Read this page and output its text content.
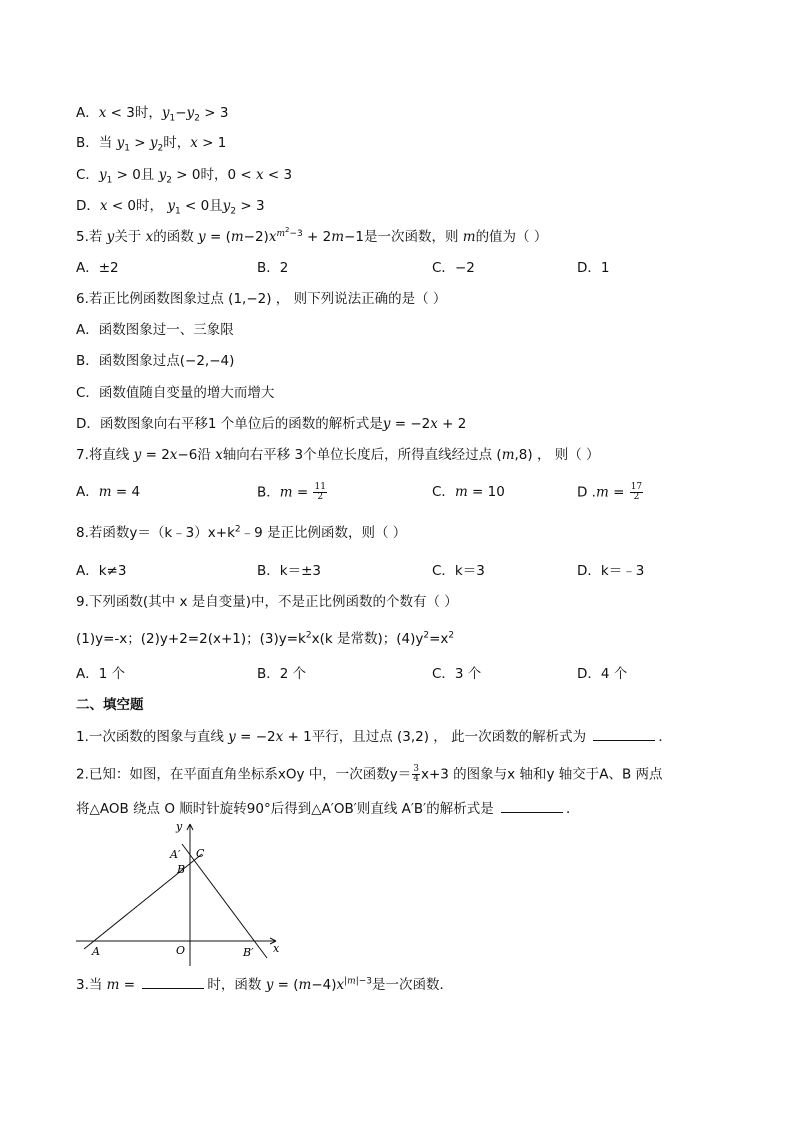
A．x < 3时，$y_1-y_2 > 3$
B．当 $y_1 > y_2$时，x > 1
C．$y_1 > 0$且 $y_2 > 0$时，0 < x < 3
D．x < 0时， $y_1 < 0$且$y_2 > 3$
5.若 y关于 x的函数 $y = (m-2)x^{m^2-3} + 2m-1$是一次函数，则 m的值为（ ）
A．±2	B．2	C．−2	D．1
6.若正比例函数图象过点 (1,−2) ， 则下列说法正确的是（ ）
A．函数图象过一、三象限
B．函数图象过点(−2,−4)
C．函数值随自变量的增大而增大
D．函数图象向右平移1 个单位后的函数的解析式是y = −2x + 2
7.将直线 y = 2x−6沿 x轴向右平移 3个单位长度后，所得直线经过点 (m,8) ， 则（ ）
A．m = 4	B．$m = \frac{11}{2}$	C．m = 10	D $.m = \frac{17}{2}$
8.若函数$y=(k﹣3)x+k^2﹣9$ 是正比例函数，则（ ）
A．k≠3	B．k＝±3	C．k＝3	D．k＝﹣3
9.下列函数(其中 x 是自变量)中，不是正比例函数的个数有（ ）
(1)y=-x；(2)y+2=2(x+1)；$(3)y=k^2x(k$ 是常数)；$(4)y^2=x^2$
A．1 个	B．2 个	C．3 个	D．4 个
二、填空题
1.一次函数的图象与直线 y = −2x + 1平行，且过点 (3,2) ， 此一次函数的解析式为	．
2.已知：如图，在平面直角坐标系xOy 中，一次函数$y= \frac{3}{4} x+3$ 的图象与x 轴和y 轴交于A、B 两点
将△AOB 绕点 O 顺时针旋转90°后得到△A′OB′则直线 A′B′的解析式是	．
y
x
A′ C
B
A	O	B′
3.当 m =	时，函数 $y = (m-4)x^{|m|-3}$是一次函数．
